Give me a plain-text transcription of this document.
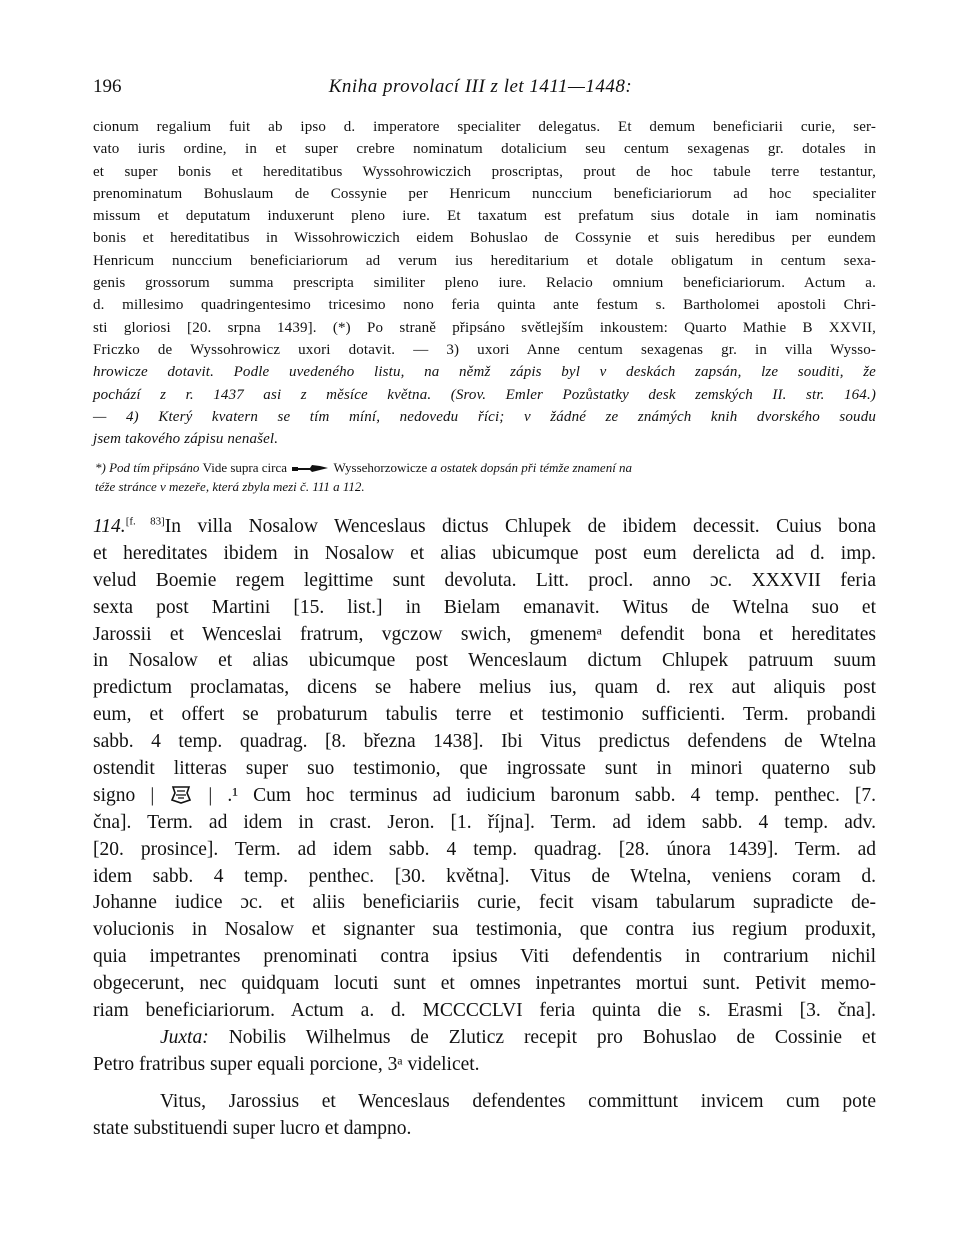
196	Kniha provolací III z let 1411—1448:
cionum regalium fuit ab ipso d. imperatore specialiter delegatus. Et demum beneficiarii curie, ser-
vato iuris ordine, in et super crebre nominatum dotalicium seu centum sexagenas gr. dotales in
et super bonis et hereditatibus Wyssohrowiczich proscriptas, prout de hoc tabule terre testantur,
prenominatum Bohuslaum de Cossynie per Henricum nunccium beneficiariorum ad hoc specialiter
missum et deputatum induxerunt pleno iure. Et taxatum est prefatum sius dotale in iam nominatis
bonis et hereditatibus in Wissohrowiczich eidem Bohuslao de Cossynie et suis heredibus per eundem
Henricum nunccium beneficiariorum ad verum ius hereditarium et dotale obligatum in centum sexa-
genis grossorum summa prescripta similiter pleno iure. Relacio omnium beneficiariorum. Actum a.
d. millesimo quadringentesimo tricesimo nono feria quinta ante festum s. Bartholomei apostoli Chri-
sti gloriosi [20. srpna 1439]. (*) Po straně připsáno světlejším inkoustem: Quarto Mathie B XXVII,
Friczko de Wyssohrowicz uxori dotavit. — 3) uxori Anne centum sexagenas gr. in villa Wysso-
hrowicze dotavit. Podle uvedeného listu, na němž zápis byl v deskách zapsán, lze souditi, že
pochází z r. 1437 asi z měsíce května. (Srov. Emler Pozůstatky desk zemských II. str. 164.)
— 4) Který kvatern se tím míní, nedovedu říci; v žádné ze známých knih dvorského soudu
jsem takového zápisu nenašel.
*) Pod tím připsáno Vide supra circa	Wyssehorzowicze a ostatek dopsán při témže znamení na
téže stránce v mezeře, která zbyla mezi č. 111 a 112.
114.[f. 83]In villa Nosalow Wenceslaus dictus Chlupek de ibidem decessit. Cuius bona
et hereditates ibidem in Nosalow et alias ubicumque post eum derelicta ad d. imp.
velud Boemie regem legittime sunt devoluta. Litt. procl. anno ɔc. XXXVII feria
sexta post Martini [15. list.] in Bielam emanavit. Witus de Wtelna suo et
Jarossii et Wenceslai fratrum, vgczow swich, gmenemᵃ defendit bona et hereditates
in Nosalow et alias ubicumque post Wenceslaum dictum Chlupek patruum suum
predictum proclamatas, dicens se habere melius ius, quam d. rex aut aliquis post
eum, et offert se probaturum tabulis terre et testimonio sufficienti. Term. probandi
sabb. 4 temp. quadrag. [8. března 1438]. Ibi Vitus predictus defendens de Wtelna
ostendit litteras super suo testimonio, que ingrossate sunt in minori quaterno sub
signo |	| .¹ Cum hoc terminus ad iudicium baronum sabb. 4 temp. penthec. [7.
čna]. Term. ad idem in crast. Jeron. [1. října]. Term. ad idem sabb. 4 temp. adv.
[20. prosince]. Term. ad idem sabb. 4 temp. quadrag. [28. února 1439]. Term. ad
idem sabb. 4 temp. penthec. [30. května]. Vitus de Wtelna, veniens coram d.
Johanne iudice ɔc. et aliis beneficiariis curie, fecit visam tabularum supradicte de-
volucionis in Nosalow et signanter sua testimonia, que contra ius regium produxit,
quia impetrantes prenominati contra ipsius Viti defendentis in contrarium nichil
obgecerunt, nec quidquam locuti sunt et omnes inpetrantes mortui sunt. Petivit memo-
riam beneficiariorum. Actum a. d. MCCCCLVI feria quinta die s. Erasmi [3. čna].
Juxta: Nobilis Wilhelmus de Zluticz recepit pro Bohuslao de Cossinie et
Petro fratribus super equali porcione, 3ᵃ videlicet.
Vitus, Jarossius et Wenceslaus defendentes committunt invicem cum pote
state substituendi super lucro et dampno.
